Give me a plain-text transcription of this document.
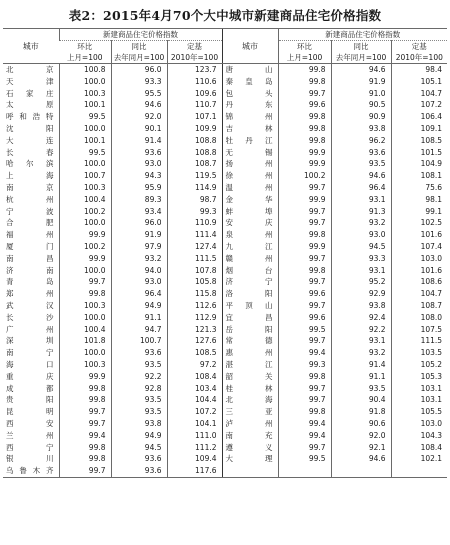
表2：2015年4月70个大中城市新建商品住宅价格指数
城市	新建商品住宅价格指数			城市	新建商品住宅价格指数		
	环比	同比	定基		环比	同比	定基
	上月=100	去年同月=100	2010年=100		上月=100	去年同月=100	2010年=100
北京	100.8	96.0	123.7	唐山	99.8	94.6	98.4
天津	100.0	93.3	110.6	秦皇岛	99.8	91.9	105.1
石家庄	100.3	95.5	109.6	包头	99.7	91.0	104.7
太原	100.1	94.6	110.7	丹东	99.6	90.5	107.2
呼和浩特	99.5	92.0	107.1	锦州	99.8	90.9	106.4
沈阳	100.0	90.1	109.9	吉林	99.8	93.8	109.1
大连	100.1	91.4	108.8	牡丹江	99.8	96.2	108.5
长春	99.5	93.6	108.8	无锡	99.9	93.6	101.5
哈尔滨	100.0	93.0	108.7	扬州	99.9	93.5	104.9
上海	100.7	94.3	119.5	徐州	100.2	94.6	108.1
南京	100.3	95.9	114.9	温州	99.7	96.4	75.6
杭州	100.4	89.3	98.7	金华	99.9	93.1	98.1
宁波	100.2	93.4	99.3	蚌埠	99.7	91.3	99.1
合肥	100.0	96.0	110.9	安庆	99.7	93.2	102.5
福州	99.9	91.9	111.4	泉州	99.8	93.0	101.6
厦门	100.2	97.9	127.4	九江	99.9	94.5	107.4
南昌	99.9	93.2	111.5	赣州	99.7	93.3	103.0
济南	100.0	94.0	107.8	烟台	99.8	93.1	101.6
青岛	99.7	93.0	105.8	济宁	99.7	95.2	108.6
郑州	99.8	96.4	115.8	洛阳	99.6	92.9	104.7
武汉	100.3	94.9	112.6	平顶山	99.7	93.8	108.7
长沙	100.0	91.1	112.9	宜昌	99.6	92.4	108.0
广州	100.4	94.7	121.3	岳阳	99.5	92.2	107.5
深圳	101.8	100.7	127.6	常德	99.7	93.1	111.5
南宁	100.0	93.6	108.5	惠州	99.4	93.2	103.5
海口	100.3	93.5	97.2	湛江	99.3	91.4	105.2
重庆	99.9	92.2	108.4	韶关	99.8	91.1	105.3
成都	99.8	92.8	103.4	桂林	99.7	93.5	103.1
贵阳	99.8	93.5	104.4	北海	99.7	90.4	103.1
昆明	99.7	93.5	107.2	三亚	99.8	91.8	105.5
西安	99.7	93.8	104.1	泸州	99.4	90.6	103.0
兰州	99.4	94.9	111.0	南充	99.4	92.0	104.3
西宁	99.8	94.5	111.2	遵义	99.7	92.1	108.4
银川	99.8	93.6	109.4	大理	99.5	94.6	102.1
乌鲁木齐	99.7	93.6	117.6				
